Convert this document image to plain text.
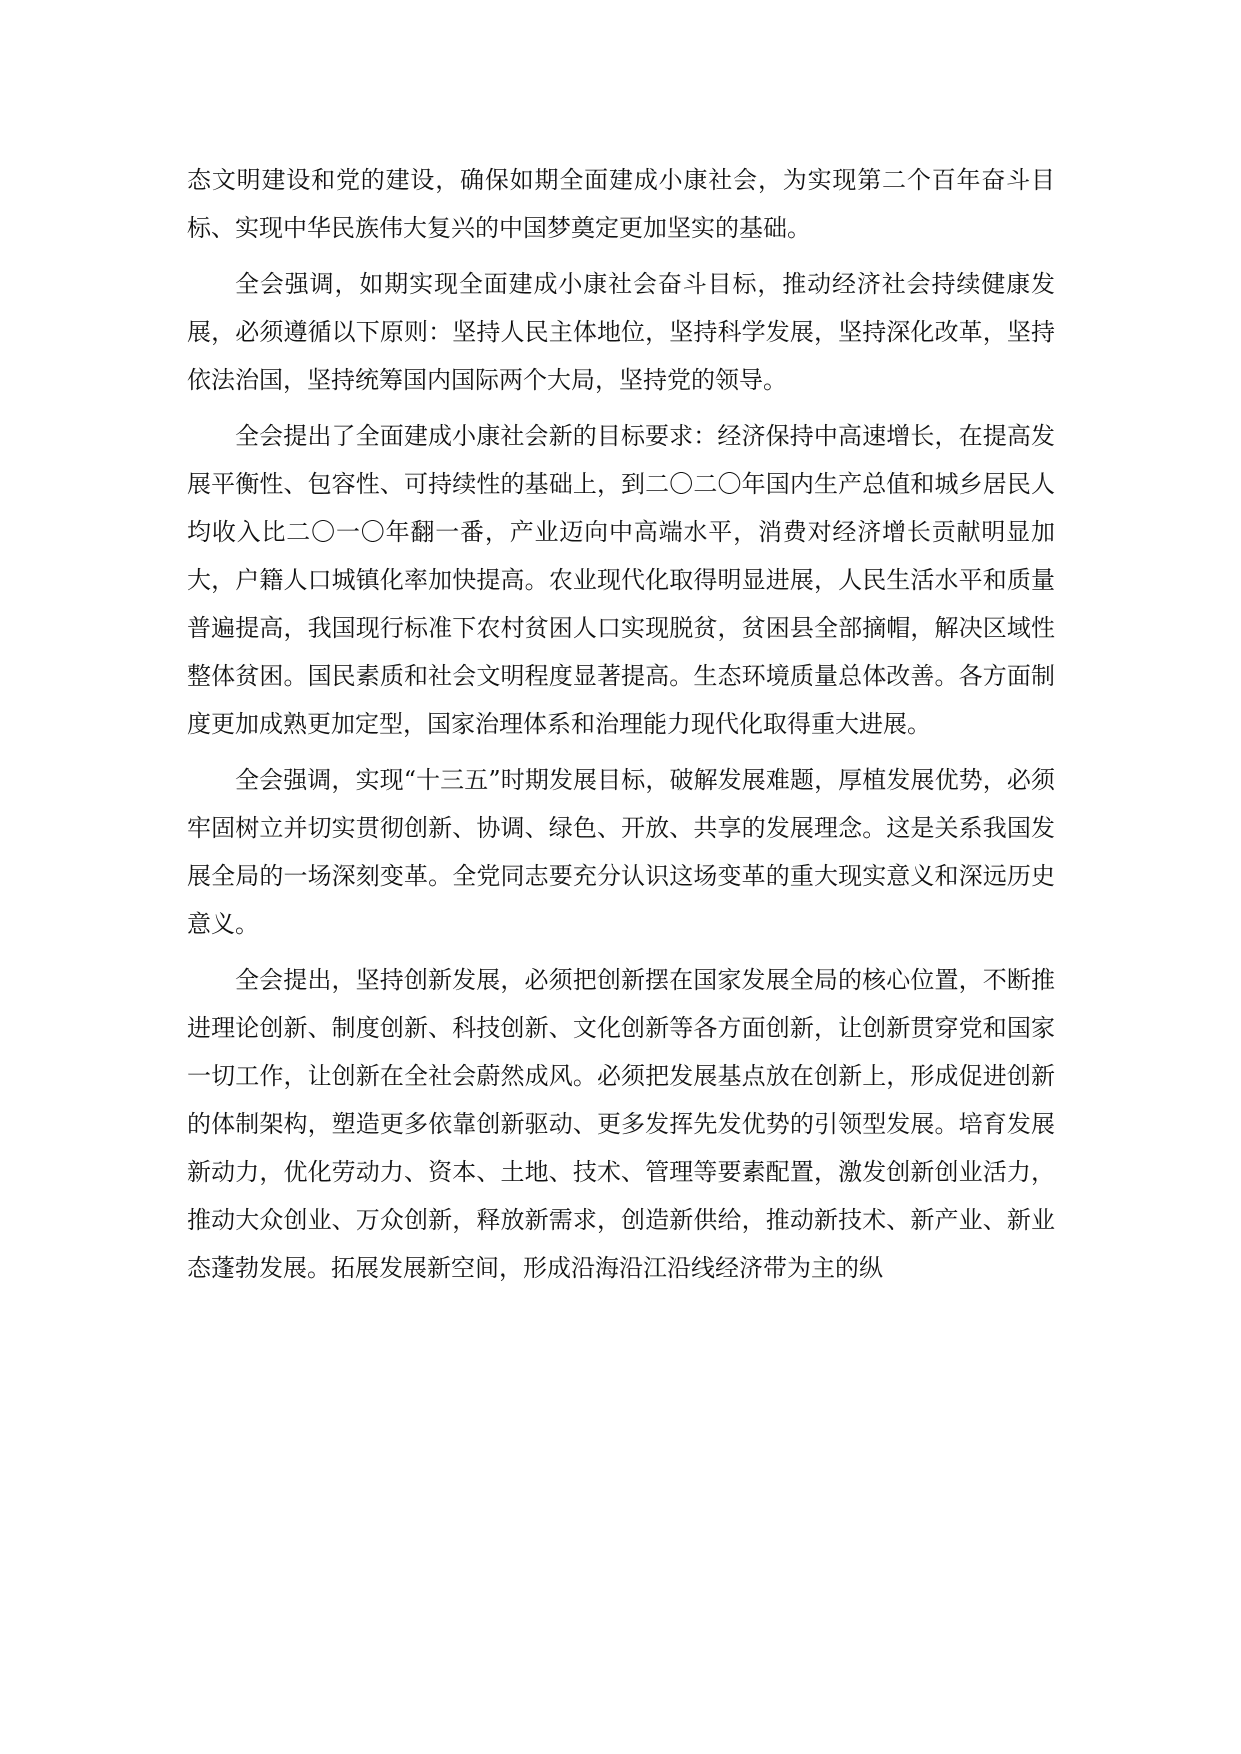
态文明建设和党的建设，确保如期全面建成小康社会，为实现第二个百年奋斗目标、实现中华民族伟大复兴的中国梦奠定更加坚实的基础。

全会强调，如期实现全面建成小康社会奋斗目标，推动经济社会持续健康发展，必须遵循以下原则：坚持人民主体地位，坚持科学发展，坚持深化改革，坚持依法治国，坚持统筹国内国际两个大局，坚持党的领导。

全会提出了全面建成小康社会新的目标要求：经济保持中高速增长，在提高发展平衡性、包容性、可持续性的基础上，到二〇二〇年国内生产总值和城乡居民人均收入比二〇一〇年翻一番，产业迈向中高端水平，消费对经济增长贡献明显加大，户籍人口城镇化率加快提高。农业现代化取得明显进展，人民生活水平和质量普遍提高，我国现行标准下农村贫困人口实现脱贫，贫困县全部摘帽，解决区域性整体贫困。国民素质和社会文明程度显著提高。生态环境质量总体改善。各方面制度更加成熟更加定型，国家治理体系和治理能力现代化取得重大进展。

全会强调，实现“十三五”时期发展目标，破解发展难题，厚植发展优势，必须牢固树立并切实贯彻创新、协调、绿色、开放、共享的发展理念。这是关系我国发展全局的一场深刻变革。全党同志要充分认识这场变革的重大现实意义和深远历史意义。

全会提出，坚持创新发展，必须把创新摆在国家发展全局的核心位置，不断推进理论创新、制度创新、科技创新、文化创新等各方面创新，让创新贯穿党和国家一切工作，让创新在全社会蔚然成风。必须把发展基点放在创新上，形成促进创新的体制架构，塑造更多依靠创新驱动、更多发挥先发优势的引领型发展。培育发展新动力，优化劳动力、资本、土地、技术、管理等要素配置，激发创新创业活力，推动大众创业、万众创新，释放新需求，创造新供给，推动新技术、新产业、新业态蓬勃发展。拓展发展新空间，形成沿海沿江沿线经济带为主的纵
